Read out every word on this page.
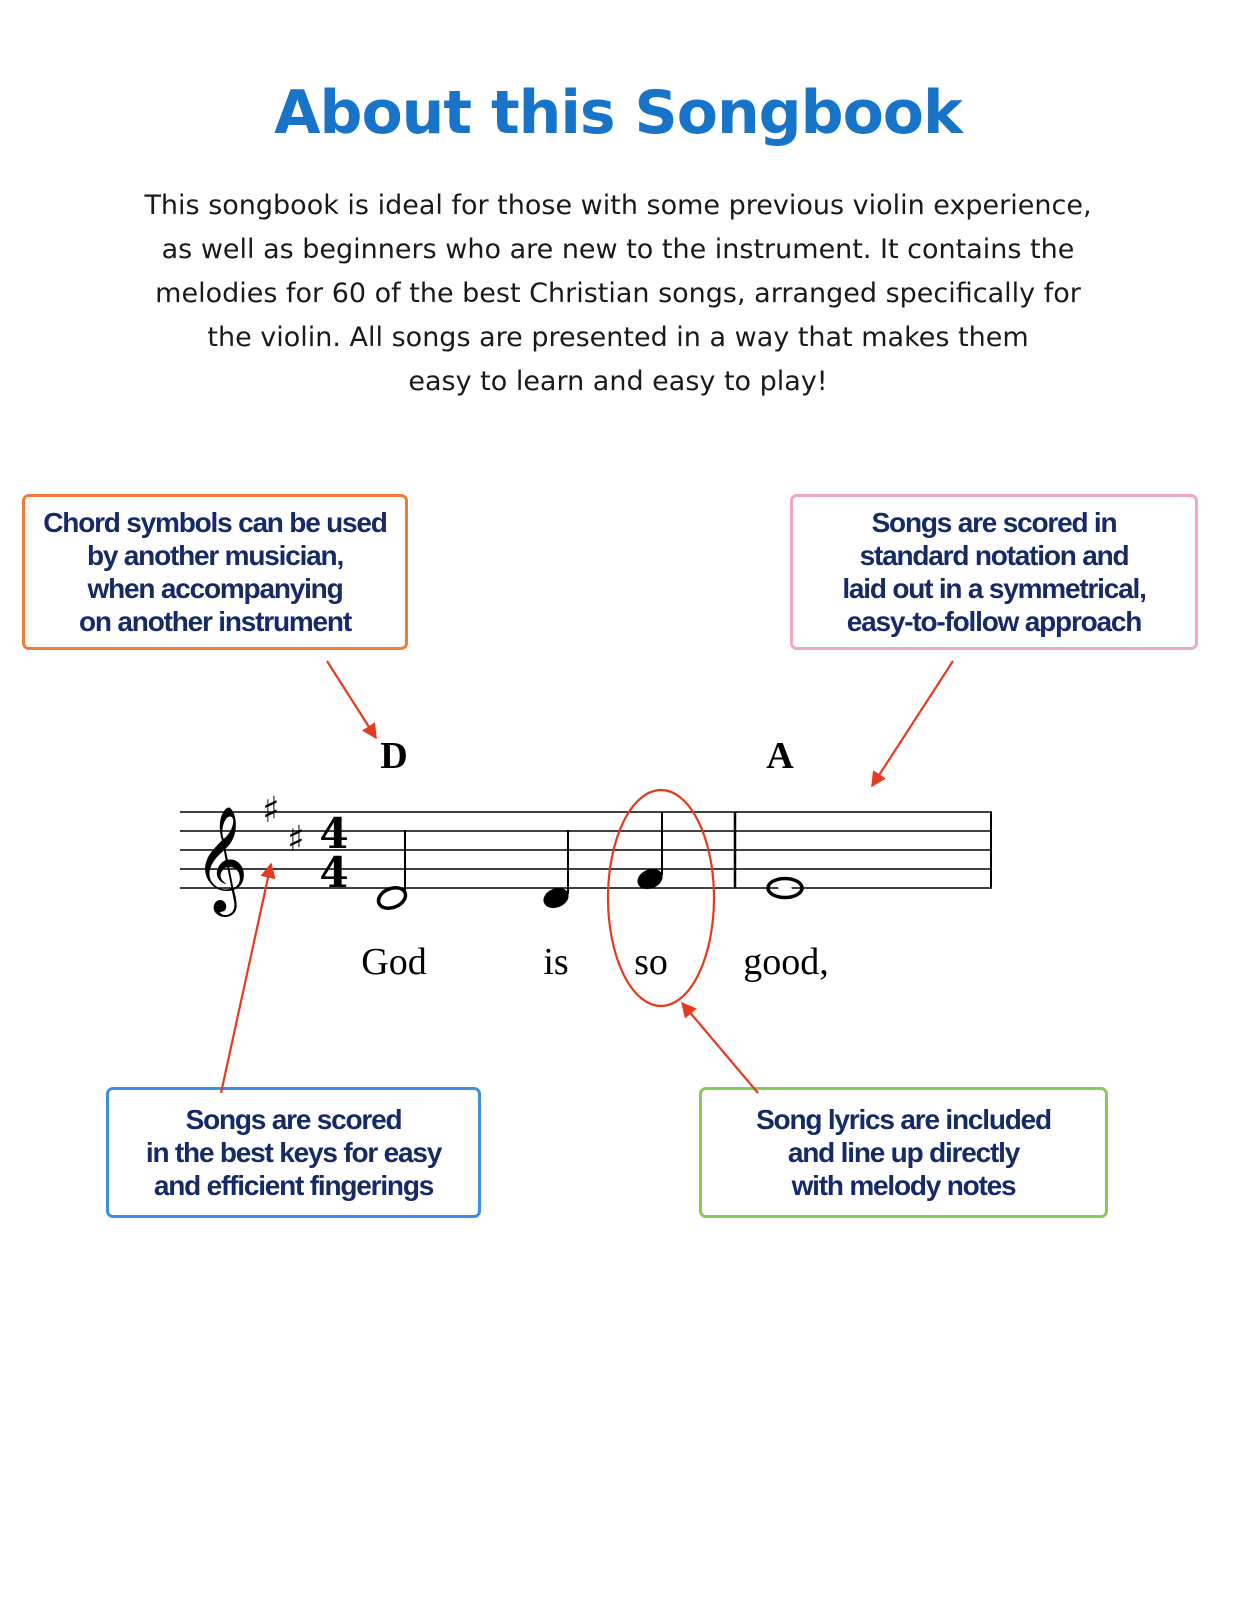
About this Songbook
This songbook is ideal for those with some previous violin experience,
as well as beginners who are new to the instrument. It contains the
melodies for 60 of the best Christian songs, arranged specifically for
the violin. All songs are presented in a way that makes them
easy to learn and easy to play!
Chord symbols can be used
by another musician,
when accompanying
on another instrument
Songs are scored in
standard notation and
laid out in a symmetrical,
easy-to-follow approach
Songs are scored
in the best keys for easy
and efficient fingerings
Song lyrics are included
and line up directly
with melody notes
𝄞 ♯
♯ 4
4
D	A
God	is so good,
